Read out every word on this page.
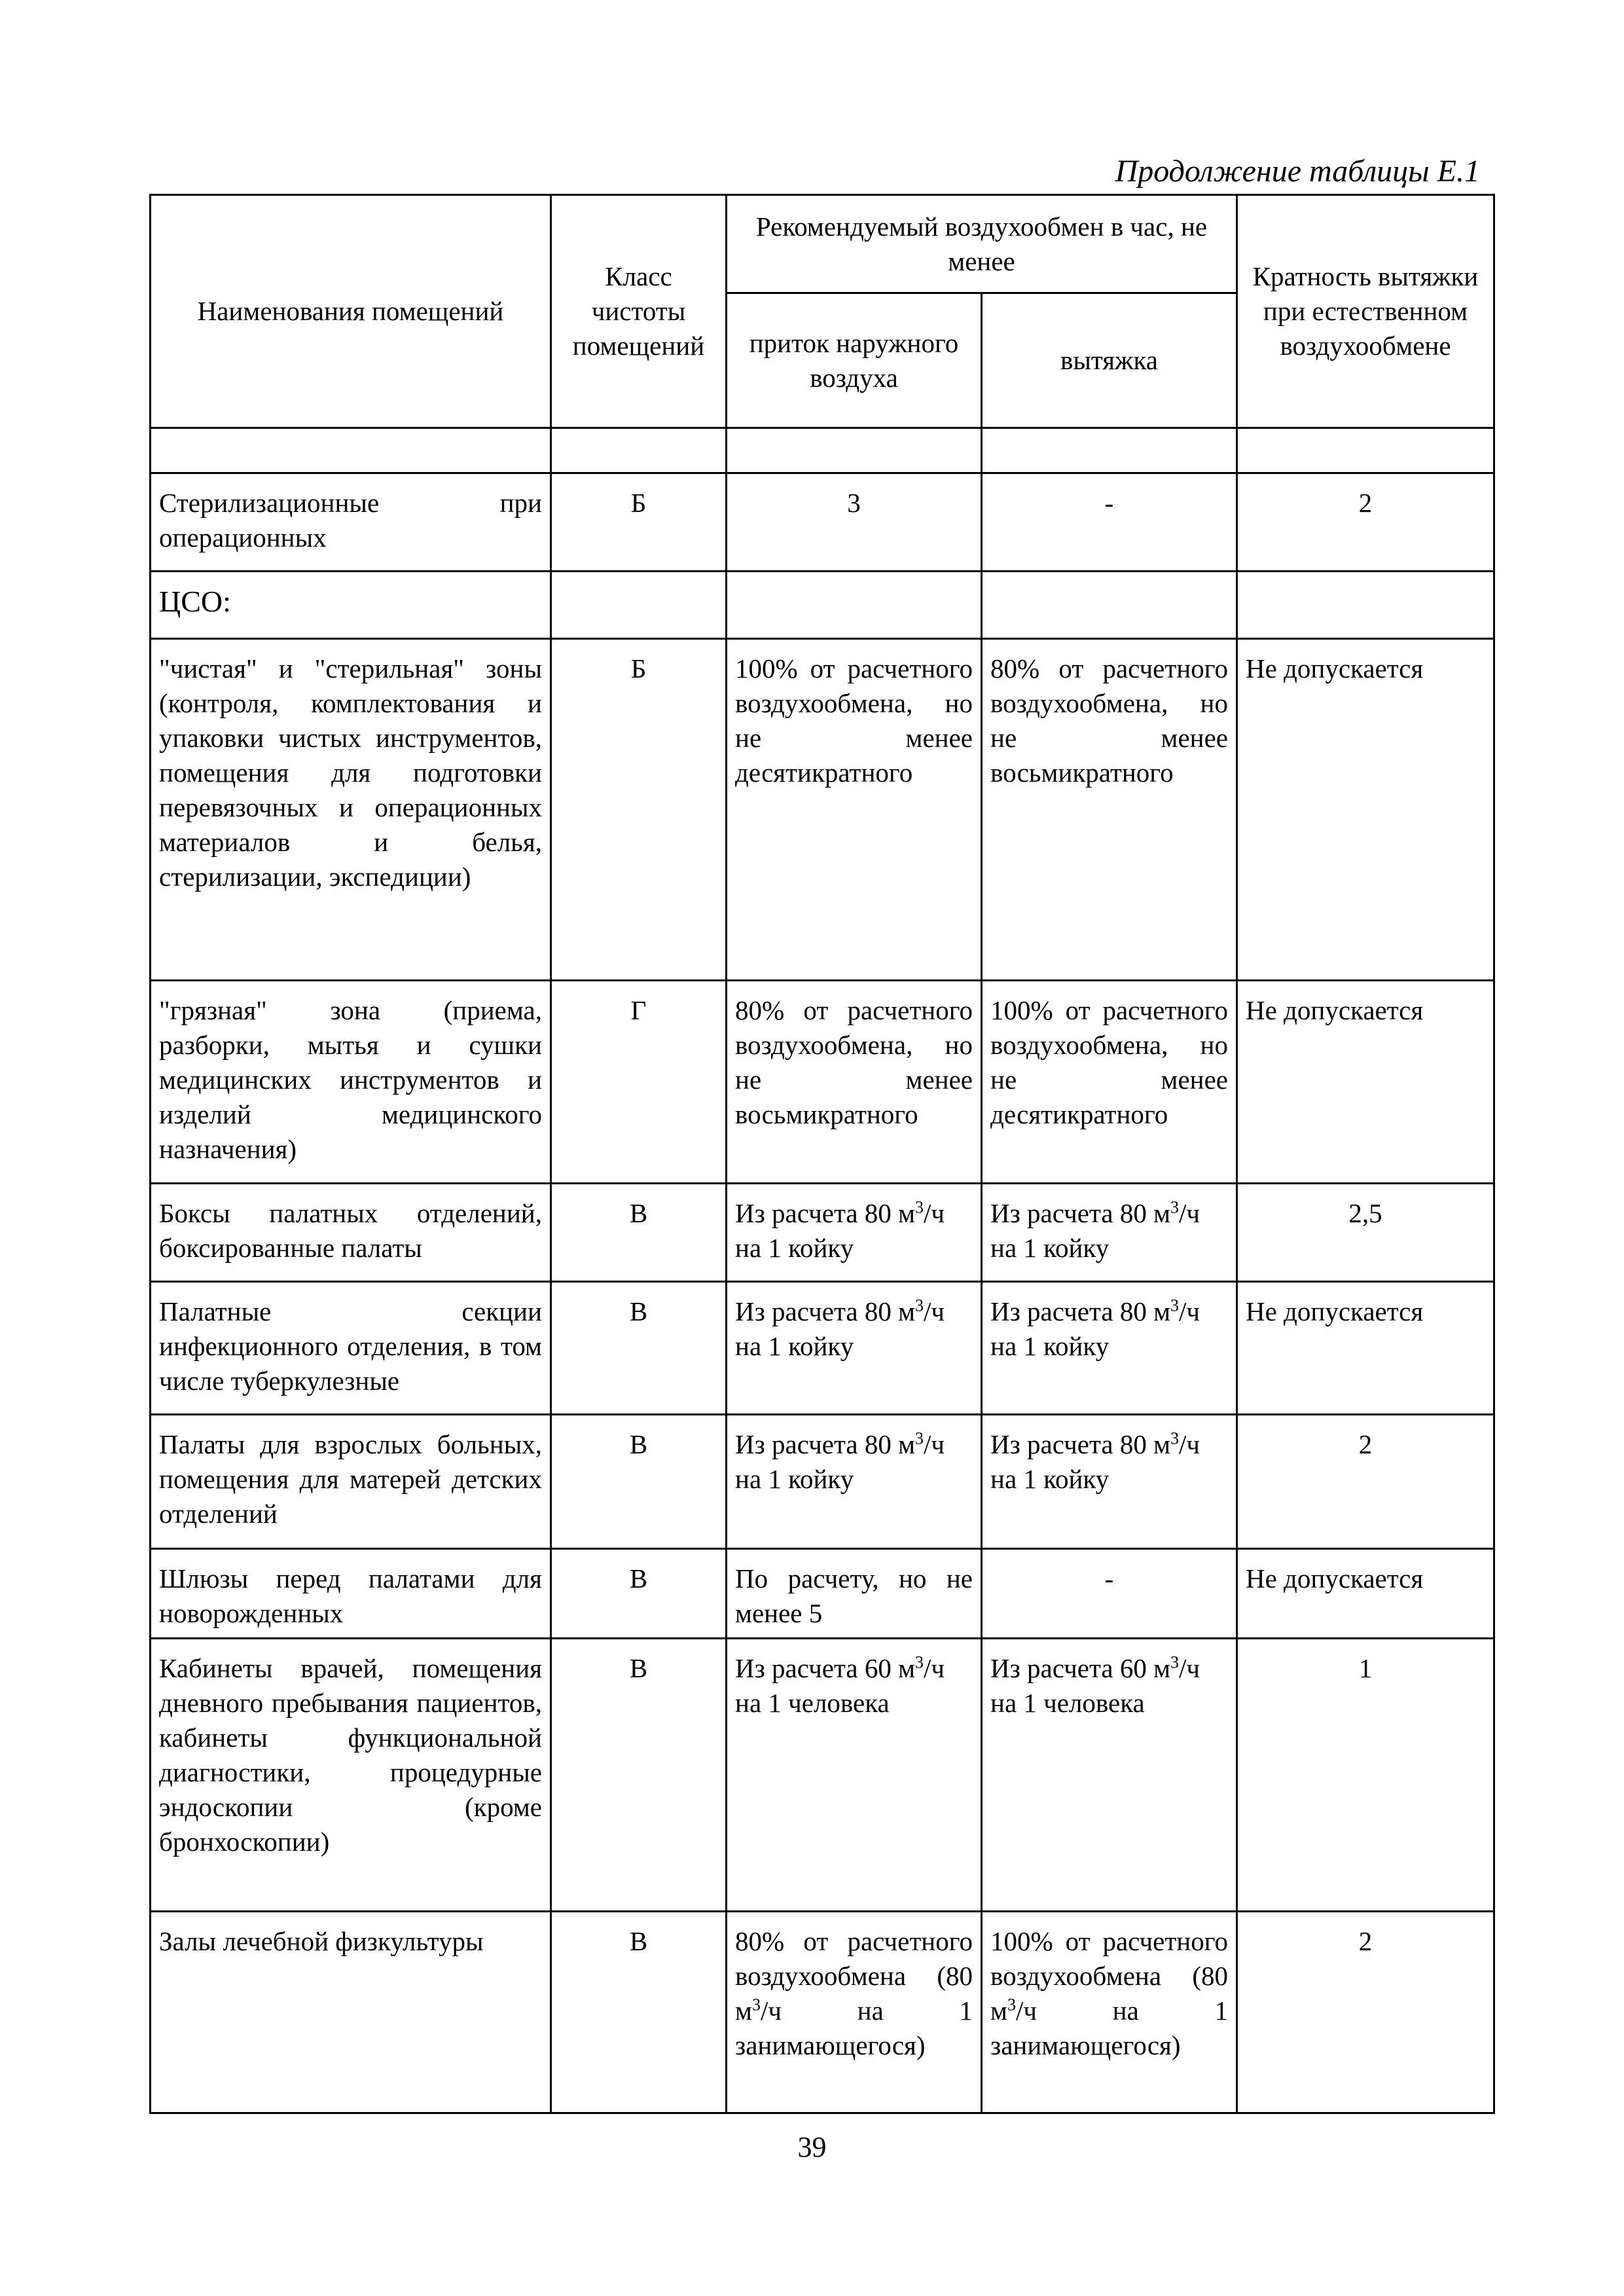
Продолжение таблицы Е.1
Наименования помещений	Класс чистоты помещений	Рекомендуемый воздухообмен в час, не менее		Кратность вытяжки при естественном воздухообмене
		приток наружного воздуха	вытяжка	

Стерилизационные при операционных	Б	3	-	2
ЦСО:				
"чистая" и "стерильная" зоны (контроля, комплектования и упаковки чистых инструментов, помещения для подготовки перевязочных и операционных материалов и белья, стерилизации, экспедиции)	Б	100% от расчетного воздухообмена, но не менее десятикратного	80% от расчетного воздухообмена, но не менее восьмикратного	Не допускается
"грязная" зона (приема, разборки, мытья и сушки медицинских инструментов и изделий медицинского назначения)	Г	80% от расчетного воздухообмена, но не менее восьмикратного	100% от расчетного воздухообмена, но не менее десятикратного	Не допускается
Боксы палатных отделений, боксированные палаты	В	Из расчета 80 $м^3/ч$ на 1 койку	Из расчета 80 $м^3/ч$ на 1 койку	2,5
Палатные секции инфекционного отделения, в том числе туберкулезные	В	Из расчета 80 $м^3/ч$ на 1 койку	Из расчета 80 $м^3/ч$ на 1 койку	Не допускается
Палаты для взрослых больных, помещения для матерей детских отделений	В	Из расчета 80 $м^3/ч$ на 1 койку	Из расчета 80 $м^3/ч$ на 1 койку	2
Шлюзы перед палатами для новорожденных	В	По расчету, но не менее 5	-	Не допускается
Кабинеты врачей, помещения дневного пребывания пациентов, кабинеты функциональной диагностики, процедурные эндоскопии (кроме бронхоскопии)	В	Из расчета 60 $м^3/ч$ на 1 человека	Из расчета 60 $м^3/ч$ на 1 человека	1
Залы лечебной физкультуры	В	80% от расчетного воздухообмена (80 $м^3/ч$ на 1 занимающегося)	100% от расчетного воздухообмена (80 $м^3/ч$ на 1 занимающегося)	2
39
